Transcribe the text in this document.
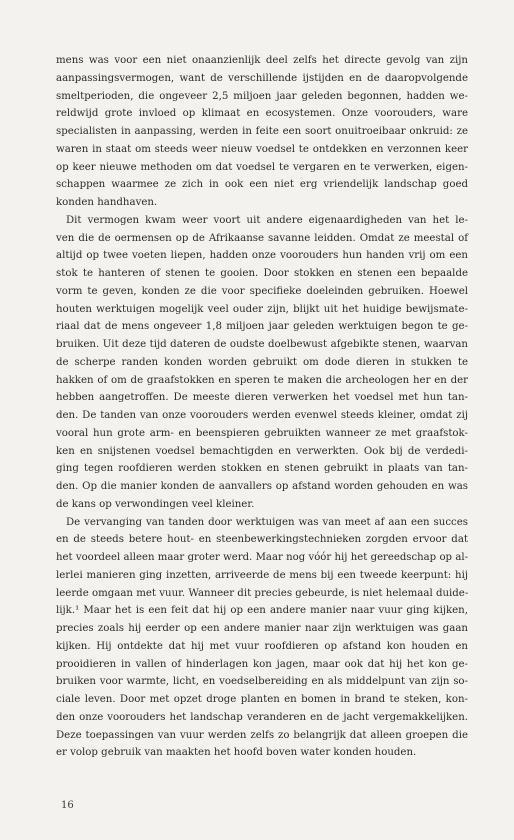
mens was voor een niet onaanzienlijk deel zelfs het directe gevolg van zijn
aanpassingsvermogen, want de verschillende ijstijden en de daaropvolgende
smeltperioden, die ongeveer 2,5 miljoen jaar geleden begonnen, hadden we-
reldwijd grote invloed op klimaat en ecosystemen. Onze voorouders, ware
specialisten in aanpassing, werden in feite een soort onuitroeibaar onkruid: ze
waren in staat om steeds weer nieuw voedsel te ontdekken en verzonnen keer
op keer nieuwe methoden om dat voedsel te vergaren en te verwerken, eigen-
schappen waarmee ze zich in ook een niet erg vriendelijk landschap goed
konden handhaven.
Dit vermogen kwam weer voort uit andere eigenaardigheden van het le-
ven die de oermensen op de Afrikaanse savanne leidden. Omdat ze meestal of
altijd op twee voeten liepen, hadden onze voorouders hun handen vrij om een
stok te hanteren of stenen te gooien. Door stokken en stenen een bepaalde
vorm te geven, konden ze die voor specifieke doeleinden gebruiken. Hoewel
houten werktuigen mogelijk veel ouder zijn, blijkt uit het huidige bewijsmate-
riaal dat de mens ongeveer 1,8 miljoen jaar geleden werktuigen begon te ge-
bruiken. Uit deze tijd dateren de oudste doelbewust afgebikte stenen, waarvan
de scherpe randen konden worden gebruikt om dode dieren in stukken te
hakken of om de graafstokken en speren te maken die archeologen her en der
hebben aangetroffen. De meeste dieren verwerken het voedsel met hun tan-
den. De tanden van onze voorouders werden evenwel steeds kleiner, omdat zij
vooral hun grote arm- en beenspieren gebruikten wanneer ze met graafstok-
ken en snijstenen voedsel bemachtigden en verwerkten. Ook bij de verdedi-
ging tegen roofdieren werden stokken en stenen gebruikt in plaats van tan-
den. Op die manier konden de aanvallers op afstand worden gehouden en was
de kans op verwondingen veel kleiner.
De vervanging van tanden door werktuigen was van meet af aan een succes
en de steeds betere hout- en steenbewerkingstechnieken zorgden ervoor dat
het voordeel alleen maar groter werd. Maar nog vóór hij het gereedschap op al-
lerlei manieren ging inzetten, arriveerde de mens bij een tweede keerpunt: hij
leerde omgaan met vuur. Wanneer dit precies gebeurde, is niet helemaal duide-
lijk.¹ Maar het is een feit dat hij op een andere manier naar vuur ging kijken,
precies zoals hij eerder op een andere manier naar zijn werktuigen was gaan
kijken. Hij ontdekte dat hij met vuur roofdieren op afstand kon houden en
prooidieren in vallen of hinderlagen kon jagen, maar ook dat hij het kon ge-
bruiken voor warmte, licht, en voedselbereiding en als middelpunt van zijn so-
ciale leven. Door met opzet droge planten en bomen in brand te steken, kon-
den onze voorouders het landschap veranderen en de jacht vergemakkelijken.
Deze toepassingen van vuur werden zelfs zo belangrijk dat alleen groepen die
er volop gebruik van maakten het hoofd boven water konden houden.
16
